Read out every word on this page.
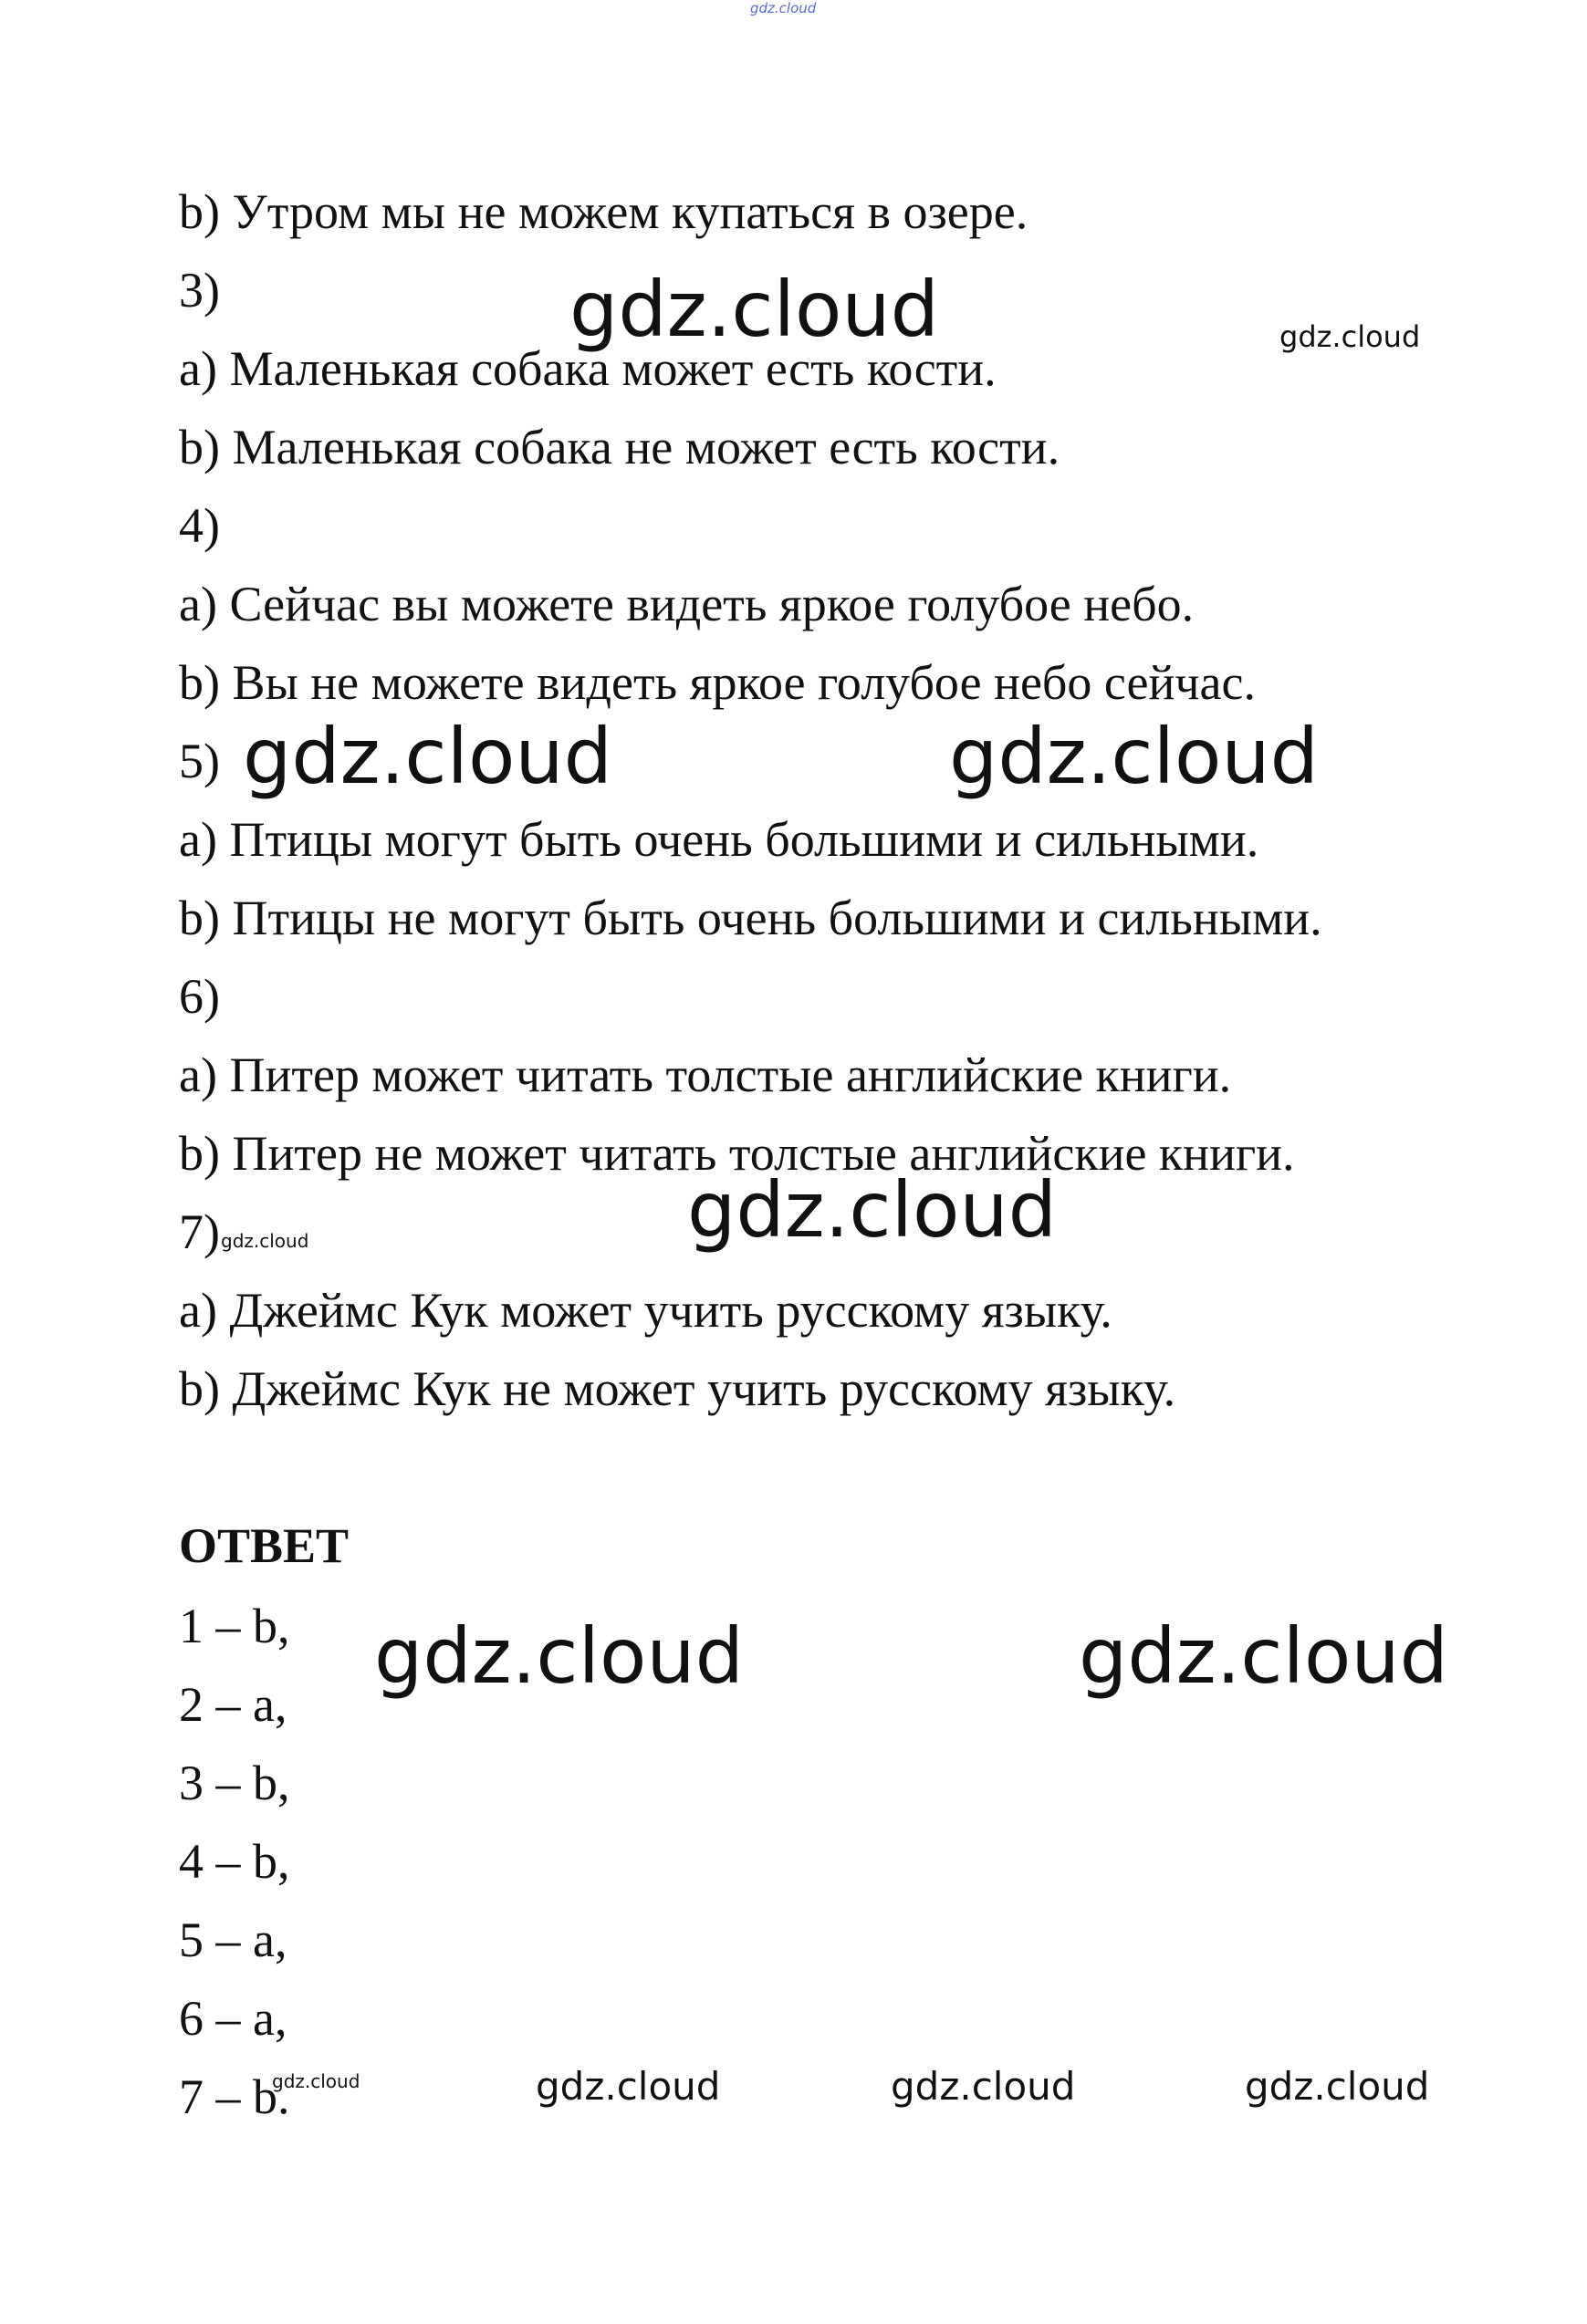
gdz.cloud
b) Утром мы не можем купаться в озере.
3)
a) Маленькая собака может есть кости.
b) Маленькая собака не может есть кости.
4)
a) Сейчас вы можете видеть яркое голубое небо.
b) Вы не можете видеть яркое голубое небо сейчас.
5)
a) Птицы могут быть очень большими и сильными.
b) Птицы не могут быть очень большими и сильными.
6)
a) Питер может читать толстые английские книги.
b) Питер не может читать толстые английские книги.
7)
a) Джеймс Кук может учить русскому языку.
b) Джеймс Кук не может учить русскому языку.
ОТВЕТ
1 – b,
2 – a,
3 – b,
4 – b,
5 – a,
6 – a,
7 – b.
gdz.cloud	gdz.cloud
gdz.cloud	gdz.cloud
gdz.cloud
gdz.cloud
gdz.cloud	gdz.cloud
gdz.cloud	gdz.cloud	gdz.cloud	gdz.cloud
